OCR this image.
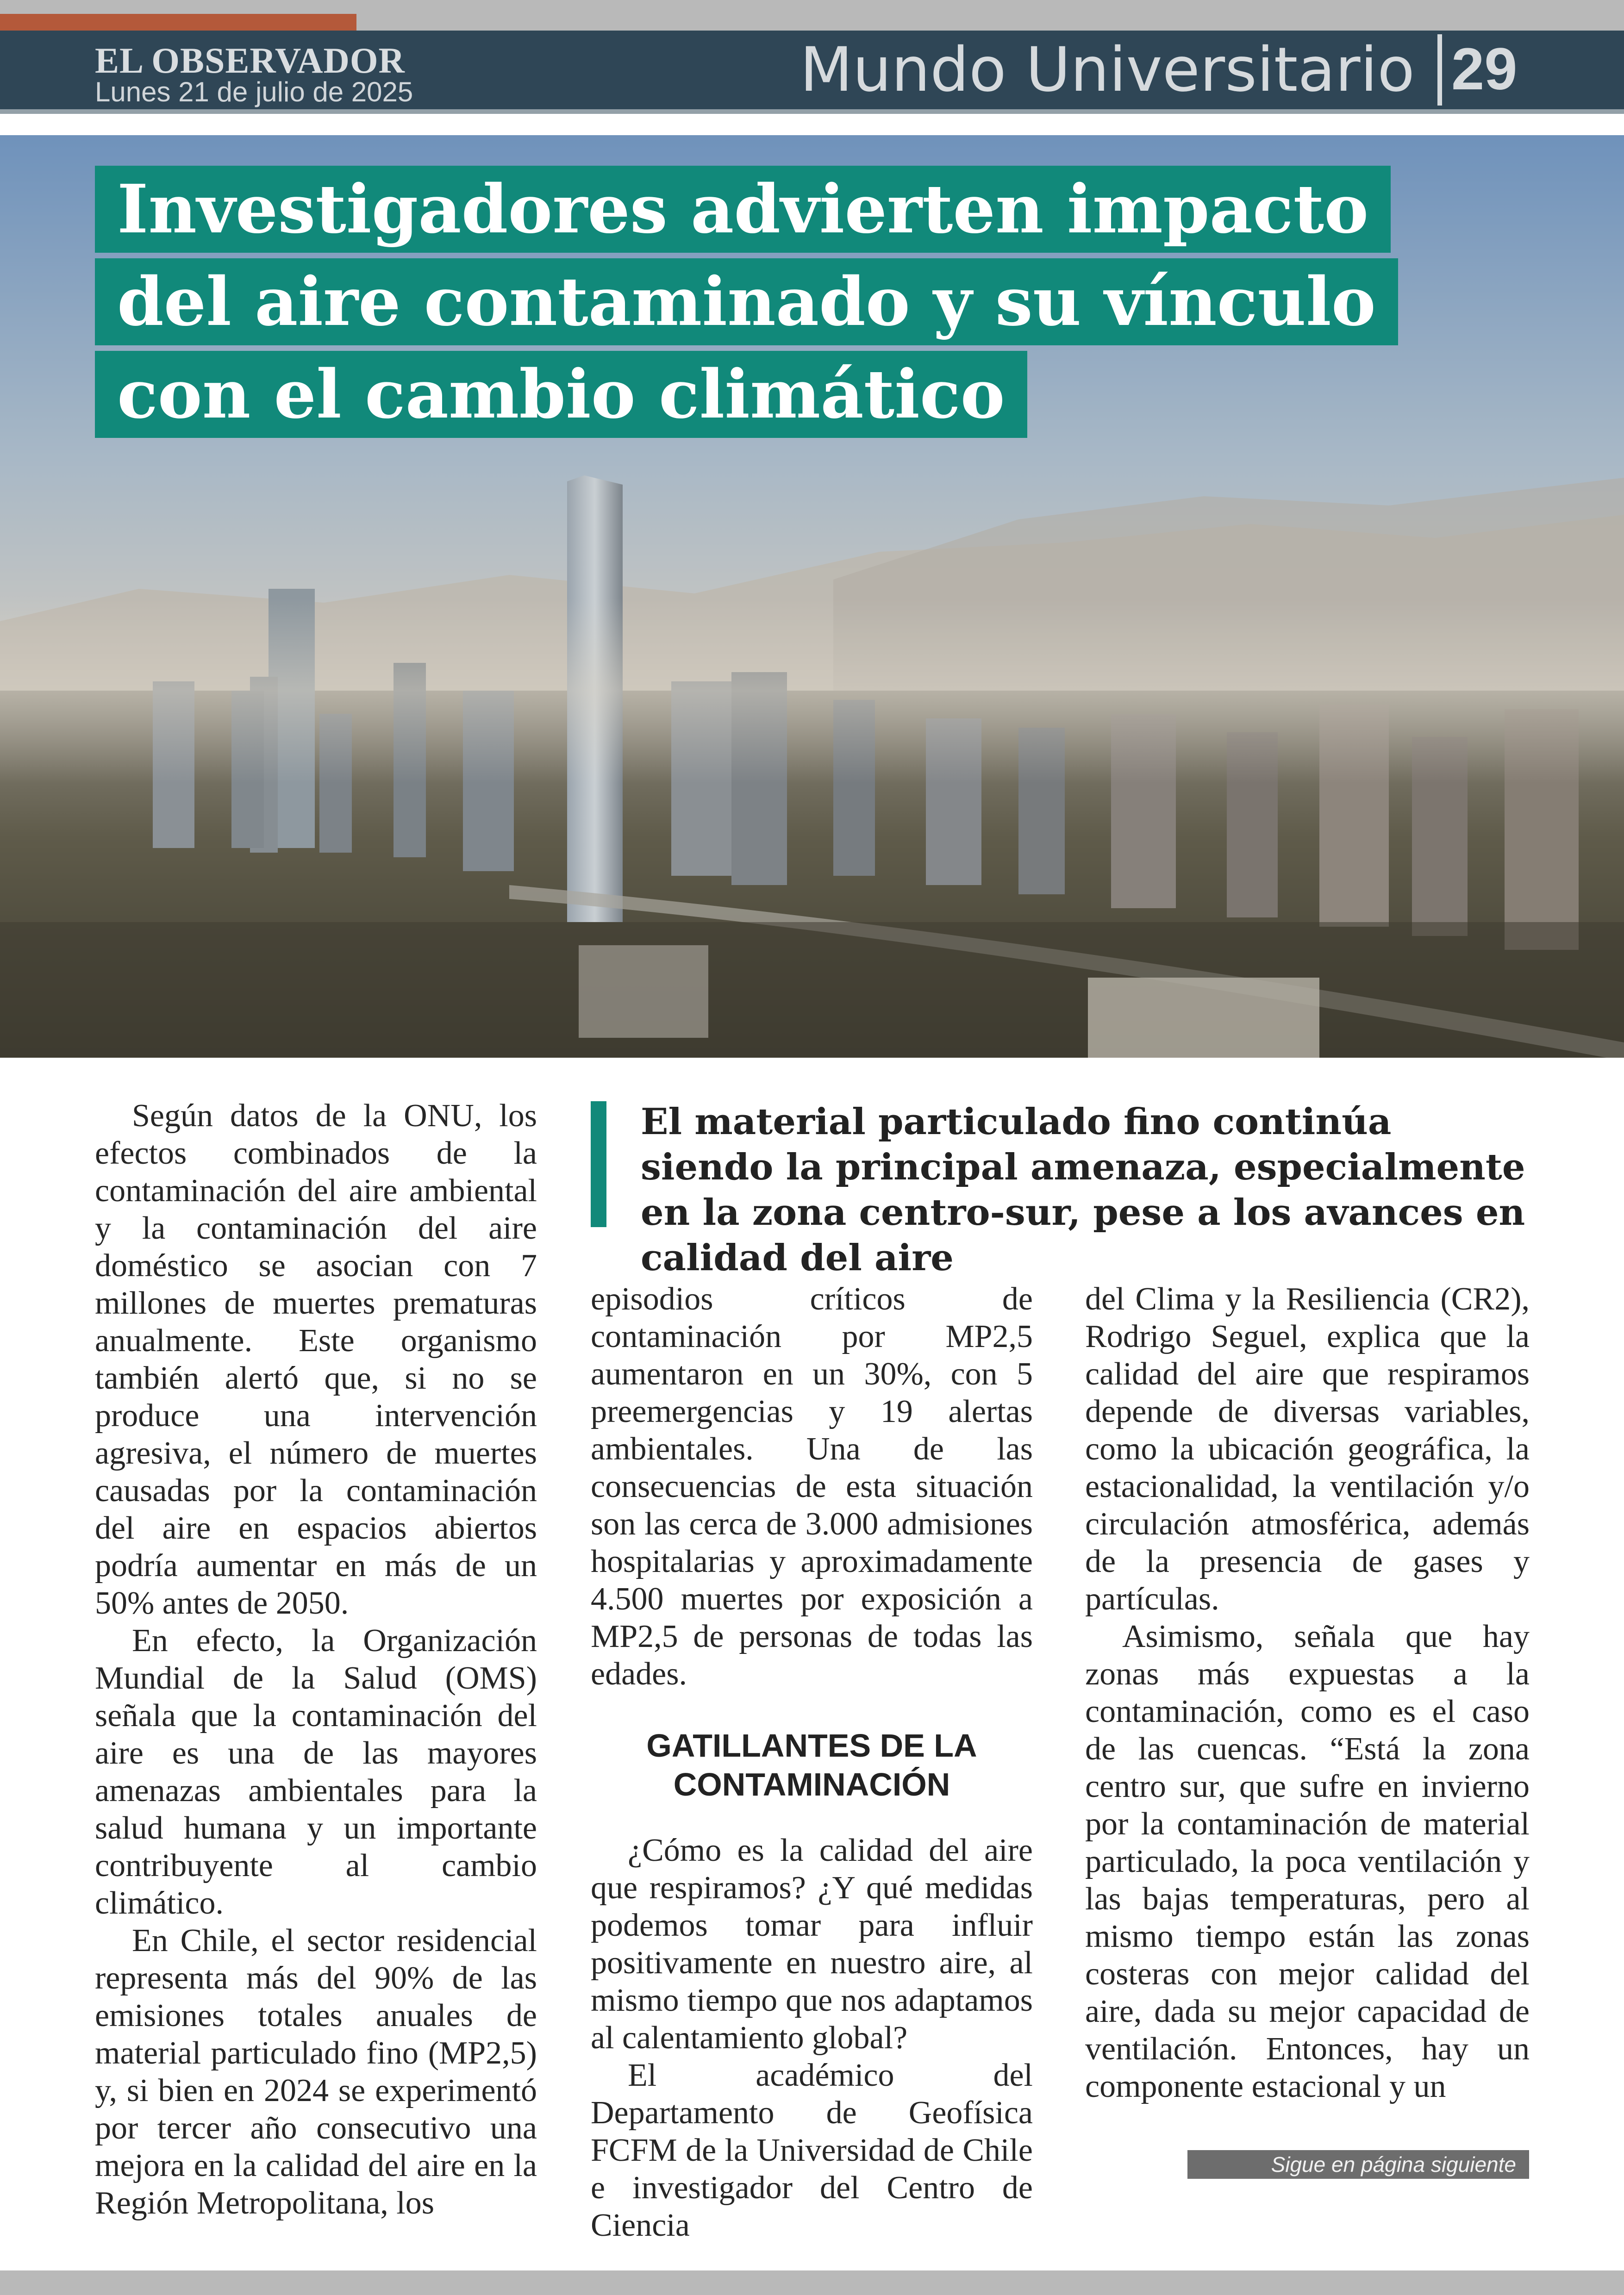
EL OBSERVADOR
Lunes 21 de julio de 2025	Mundo Universitario 29
Investigadores advierten impacto
del aire contaminado y su vínculo
con el cambio climático

Según datos de la ONU, los efectos combinados de la contaminación del aire ambiental y la contaminación del aire doméstico se asocian con 7 millones de muertes prematuras anualmente. Este organismo también alertó que, si no se produce una intervención agresiva, el número de muertes causadas por la contaminación del aire en espacios abiertos podría aumentar en más de un 50% antes de 2050.

En efecto, la Organización Mundial de la Salud (OMS) señala que la contaminación del aire es una de las mayores amenazas ambientales para la salud humana y un importante contribuyente al cambio climático.

En Chile, el sector residencial representa más del 90% de las emisiones totales anuales de material particulado fino (MP2,5) y, si bien en 2024 se experimentó por tercer año consecutivo una mejora en la calidad del aire en la Región Metropolitana, los

El material particulado fino continúa siendo la principal amenaza, especialmente en la zona centro-sur, pese a los avances en calidad del aire

episodios críticos de contaminación por MP2,5 aumentaron en un 30%, con 5 preemergencias y 19 alertas ambientales. Una de las consecuencias de esta situación son las cerca de 3.000 admisiones hospitalarias y aproximadamente 4.500 muertes por exposición a MP2,5 de personas de todas las edades.

GATILLANTES DE LA CONTAMINACIÓN

¿Cómo es la calidad del aire que respiramos? ¿Y qué medidas podemos tomar para influir positivamente en nuestro aire, al mismo tiempo que nos adaptamos al calentamiento global?

El académico del Departamento de Geofísica FCFM de la Universidad de Chile e investigador del Centro de Ciencia

del Clima y la Resiliencia (CR2), Rodrigo Seguel, explica que la calidad del aire que respiramos depende de diversas variables, como la ubicación geográfica, la estacionalidad, la ventilación y/o circulación atmosférica, además de la presencia de gases y partículas.

Asimismo, señala que hay zonas más expuestas a la contaminación, como es el caso de las cuencas. “Está la zona centro sur, que sufre en invierno por la contaminación de material particulado, la poca ventilación y las bajas temperaturas, pero al mismo tiempo están las zonas costeras con mejor calidad del aire, dada su mejor capacidad de ventilación. Entonces, hay un componente estacional y un

Sigue en página siguiente
